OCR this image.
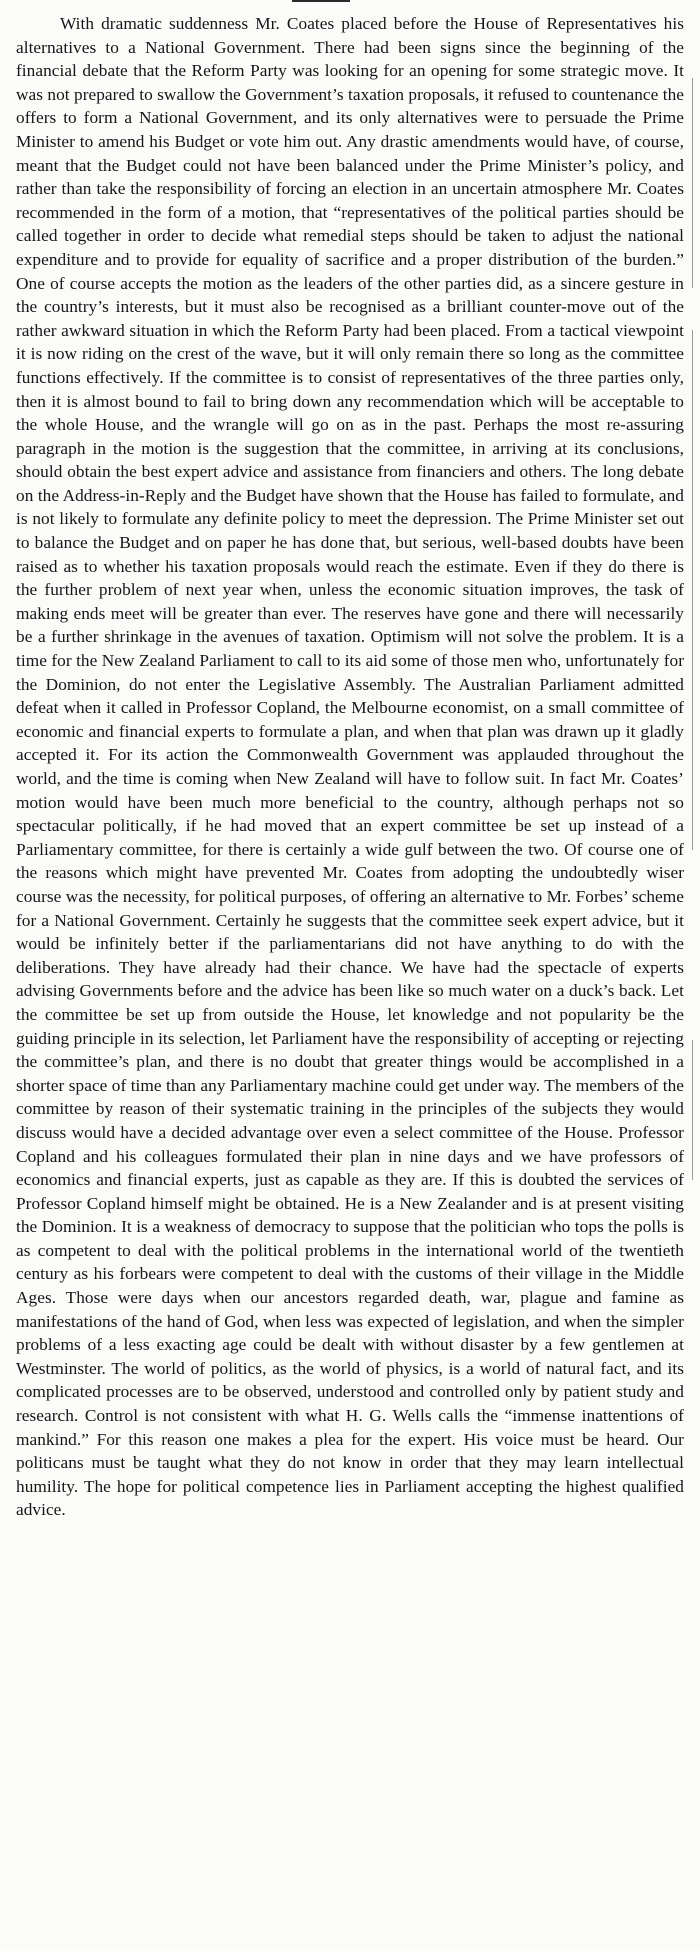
With dramatic suddenness Mr. Coates placed before the House of Representatives his alternatives to a National Government. There had been signs since the beginning of the financial debate that the Reform Party was looking for an opening for some strategic move. It was not prepared to swallow the Government’s taxation proposals, it refused to countenance the offers to form a National Government, and its only alternatives were to persuade the Prime Minister to amend his Budget or vote him out. Any drastic amendments would have, of course, meant that the Budget could not have been balanced under the Prime Minister’s policy, and rather than take the responsibility of forcing an election in an uncertain atmosphere Mr. Coates recommended in the form of a motion, that “representatives of the political parties should be called together in order to decide what remedial steps should be taken to adjust the national expenditure and to provide for equality of sacrifice and a proper distribution of the burden.” One of course accepts the motion as the leaders of the other parties did, as a sincere gesture in the country’s interests, but it must also be recognised as a brilliant counter-move out of the rather awkward situation in which the Reform Party had been placed. From a tactical viewpoint it is now riding on the crest of the wave, but it will only remain there so long as the committee functions effectively. If the committee is to consist of representatives of the three parties only, then it is almost bound to fail to bring down any recommendation which will be acceptable to the whole House, and the wrangle will go on as in the past. Perhaps the most re-assuring paragraph in the motion is the suggestion that the committee, in arriving at its conclusions, should obtain the best expert advice and assistance from financiers and others. The long debate on the Address-in-Reply and the Budget have shown that the House has failed to formulate, and is not likely to formulate any definite policy to meet the depression. The Prime Minister set out to balance the Budget and on paper he has done that, but serious, well-based doubts have been raised as to whether his taxation proposals would reach the estimate. Even if they do there is the further problem of next year when, unless the economic situation improves, the task of making ends meet will be greater than ever. The reserves have gone and there will necessarily be a further shrinkage in the avenues of taxation. Optimism will not solve the problem. It is a time for the New Zealand Parliament to call to its aid some of those men who, unfortunately for the Dominion, do not enter the Legislative Assembly. The Australian Parliament admitted defeat when it called in Professor Copland, the Melbourne economist, on a small committee of economic and financial experts to formulate a plan, and when that plan was drawn up it gladly accepted it. For its action the Commonwealth Government was applauded throughout the world, and the time is coming when New Zealand will have to follow suit. In fact Mr. Coates’ motion would have been much more beneficial to the country, although perhaps not so spectacular politically, if he had moved that an expert committee be set up instead of a Parliamentary committee, for there is certainly a wide gulf between the two. Of course one of the reasons which might have prevented Mr. Coates from adopting the undoubtedly wiser course was the necessity, for political purposes, of offering an alternative to Mr. Forbes’ scheme for a National Government. Certainly he suggests that the committee seek expert advice, but it would be infinitely better if the parliamentarians did not have anything to do with the deliberations. They have already had their chance. We have had the spectacle of experts advising Governments before and the advice has been like so much water on a duck’s back. Let the committee be set up from outside the House, let knowledge and not popularity be the guiding principle in its selection, let Parliament have the responsibility of accepting or rejecting the committee’s plan, and there is no doubt that greater things would be accomplished in a shorter space of time than any Parliamentary machine could get under way. The members of the committee by reason of their systematic training in the principles of the subjects they would discuss would have a decided advantage over even a select committee of the House. Professor Copland and his colleagues formulated their plan in nine days and we have professors of economics and financial experts, just as capable as they are. If this is doubted the services of Professor Copland himself might be obtained. He is a New Zealander and is at present visiting the Dominion. It is a weakness of democracy to suppose that the politician who tops the polls is as competent to deal with the political problems in the international world of the twentieth century as his forbears were competent to deal with the customs of their village in the Middle Ages. Those were days when our ancestors regarded death, war, plague and famine as manifestations of the hand of God, when less was expected of legislation, and when the simpler problems of a less exacting age could be dealt with without disaster by a few gentlemen at Westminster. The world of politics, as the world of physics, is a world of natural fact, and its complicated processes are to be observed, understood and controlled only by patient study and research. Control is not consistent with what H. G. Wells calls the “immense inattentions of mankind.” For this reason one makes a plea for the expert. His voice must be heard. Our politicans must be taught what they do not know in order that they may learn intellectual humility. The hope for political competence lies in Parliament accepting the highest qualified advice.
